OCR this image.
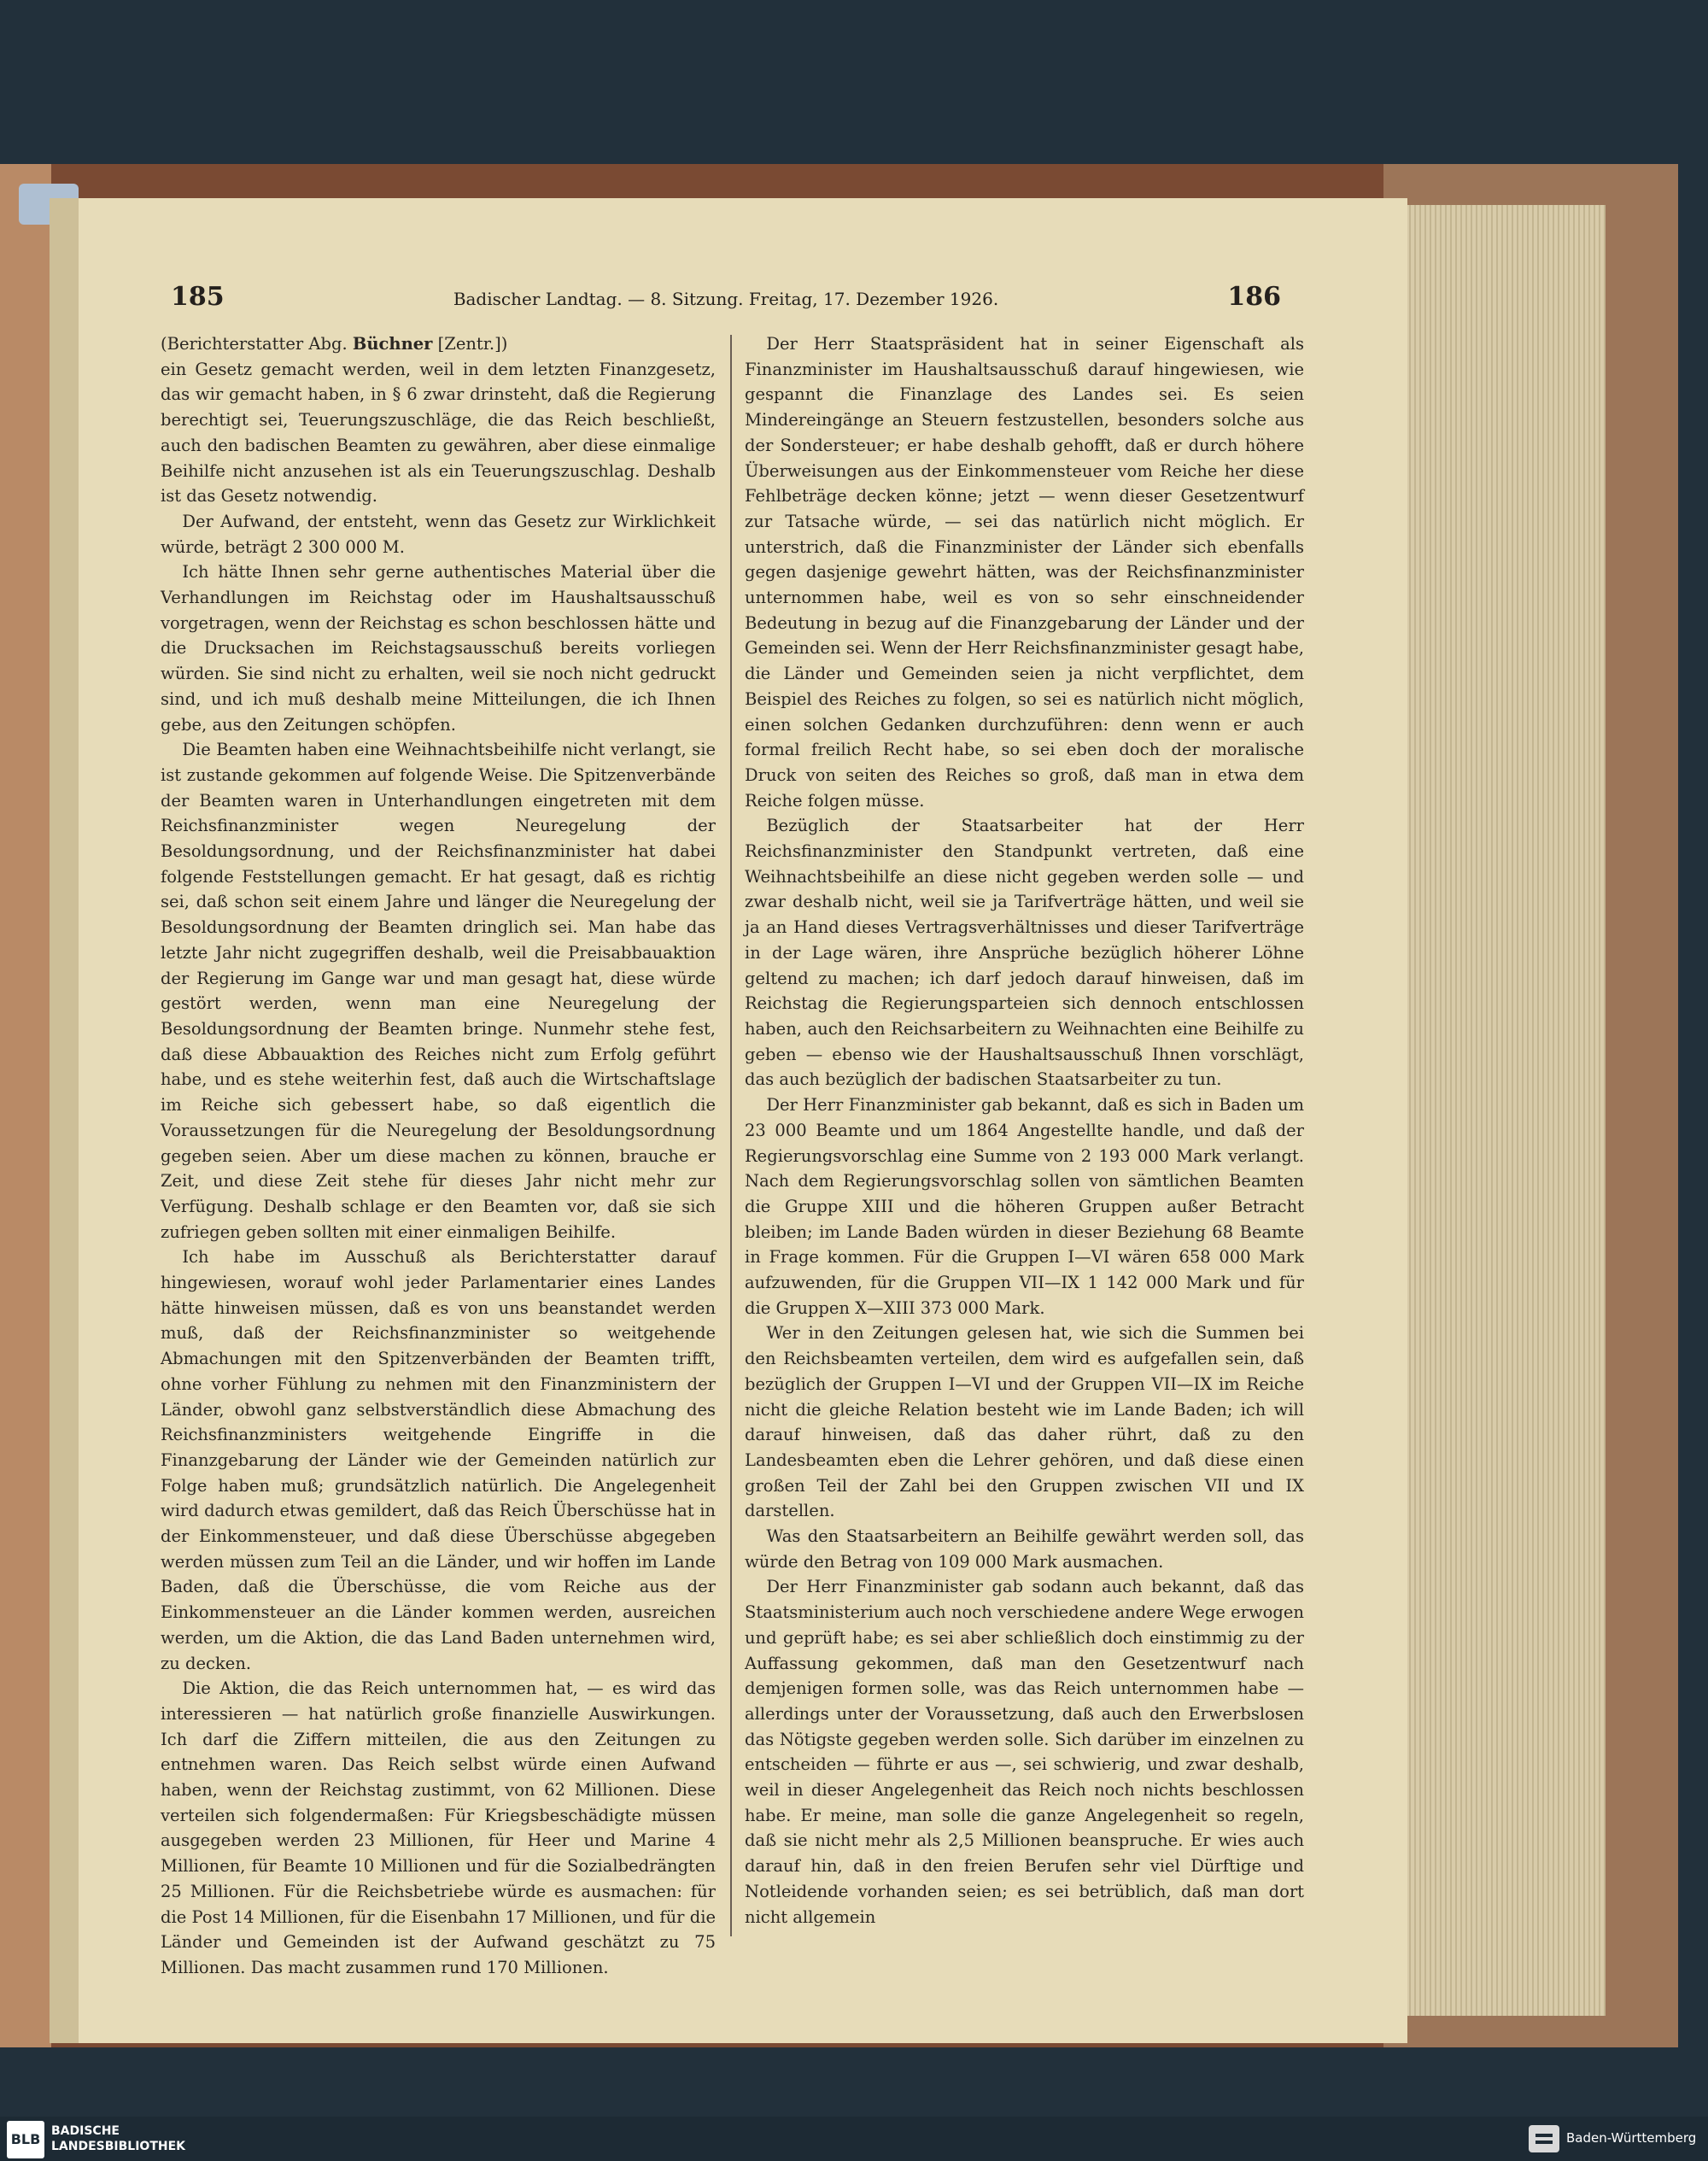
185	Badischer Landtag. — 8. Sitzung. Freitag, 17. Dezember 1926.	186

(Berichterstatter Abg. Büchner [Zentr.])

ein Gesetz gemacht werden, weil in dem letzten Finanzgesetz, das wir gemacht haben, in § 6 zwar drinsteht, daß die Regierung berechtigt sei, Teuerungszuschläge, die das Reich beschließt, auch den badischen Beamten zu gewähren, aber diese einmalige Beihilfe nicht anzusehen ist als ein Teuerungszuschlag. Deshalb ist das Gesetz notwendig.

Der Aufwand, der entsteht, wenn das Gesetz zur Wirklichkeit würde, beträgt 2 300 000 M.

Ich hätte Ihnen sehr gerne authentisches Material über die Verhandlungen im Reichstag oder im Haushaltsausschuß vorgetragen, wenn der Reichstag es schon beschlossen hätte und die Drucksachen im Reichstagsausschuß bereits vorliegen würden. Sie sind nicht zu erhalten, weil sie noch nicht gedruckt sind, und ich muß deshalb meine Mitteilungen, die ich Ihnen gebe, aus den Zeitungen schöpfen.

Die Beamten haben eine Weihnachtsbeihilfe nicht verlangt, sie ist zustande gekommen auf folgende Weise. Die Spitzenverbände der Beamten waren in Unterhandlungen eingetreten mit dem Reichsfinanzminister wegen Neuregelung der Besoldungsordnung, und der Reichsfinanzminister hat dabei folgende Feststellungen gemacht. Er hat gesagt, daß es richtig sei, daß schon seit einem Jahre und länger die Neuregelung der Besoldungsordnung der Beamten dringlich sei. Man habe das letzte Jahr nicht zugegriffen deshalb, weil die Preisabbauaktion der Regierung im Gange war und man gesagt hat, diese würde gestört werden, wenn man eine Neuregelung der Besoldungsordnung der Beamten bringe. Nunmehr stehe fest, daß diese Abbauaktion des Reiches nicht zum Erfolg geführt habe, und es stehe weiterhin fest, daß auch die Wirtschaftslage im Reiche sich gebessert habe, so daß eigentlich die Voraussetzungen für die Neuregelung der Besoldungsordnung gegeben seien. Aber um diese machen zu können, brauche er Zeit, und diese Zeit stehe für dieses Jahr nicht mehr zur Verfügung. Deshalb schlage er den Beamten vor, daß sie sich zufriegen geben sollten mit einer einmaligen Beihilfe.

Ich habe im Ausschuß als Berichterstatter darauf hingewiesen, worauf wohl jeder Parlamentarier eines Landes hätte hinweisen müssen, daß es von uns beanstandet werden muß, daß der Reichsfinanzminister so weitgehende Abmachungen mit den Spitzenverbänden der Beamten trifft, ohne vorher Fühlung zu nehmen mit den Finanzministern der Länder, obwohl ganz selbstverständlich diese Abmachung des Reichsfinanzministers weitgehende Eingriffe in die Finanzgebarung der Länder wie der Gemeinden natürlich zur Folge haben muß; grundsätzlich natürlich. Die Angelegenheit wird dadurch etwas gemildert, daß das Reich Überschüsse hat in der Einkommensteuer, und daß diese Überschüsse abgegeben werden müssen zum Teil an die Länder, und wir hoffen im Lande Baden, daß die Überschüsse, die vom Reiche aus der Einkommensteuer an die Länder kommen werden, ausreichen werden, um die Aktion, die das Land Baden unternehmen wird, zu decken.

Die Aktion, die das Reich unternommen hat, — es wird das interessieren — hat natürlich große finanzielle Auswirkungen. Ich darf die Ziffern mitteilen, die aus den Zeitungen zu entnehmen waren. Das Reich selbst würde einen Aufwand haben, wenn der Reichstag zustimmt, von 62 Millionen. Diese verteilen sich folgendermaßen: Für Kriegsbeschädigte müssen ausgegeben werden 23 Millionen, für Heer und Marine 4 Millionen, für Beamte 10 Millionen und für die Sozialbedrängten 25 Millionen. Für die Reichsbetriebe würde es ausmachen: für die Post 14 Millionen, für die Eisenbahn 17 Millionen, und für die Länder und Gemeinden ist der Aufwand geschätzt zu 75 Millionen. Das macht zusammen rund 170 Millionen.

Der Herr Staatspräsident hat in seiner Eigenschaft als Finanzminister im Haushaltsausschuß darauf hingewiesen, wie gespannt die Finanzlage des Landes sei. Es seien Mindereingänge an Steuern festzustellen, besonders solche aus der Sondersteuer; er habe deshalb gehofft, daß er durch höhere Überweisungen aus der Einkommensteuer vom Reiche her diese Fehlbeträge decken könne; jetzt — wenn dieser Gesetzentwurf zur Tatsache würde, — sei das natürlich nicht möglich. Er unterstrich, daß die Finanzminister der Länder sich ebenfalls gegen dasjenige gewehrt hätten, was der Reichsfinanzminister unternommen habe, weil es von so sehr einschneidender Bedeutung in bezug auf die Finanzgebarung der Länder und der Gemeinden sei. Wenn der Herr Reichsfinanzminister gesagt habe, die Länder und Gemeinden seien ja nicht verpflichtet, dem Beispiel des Reiches zu folgen, so sei es natürlich nicht möglich, einen solchen Gedanken durchzuführen: denn wenn er auch formal freilich Recht habe, so sei eben doch der moralische Druck von seiten des Reiches so groß, daß man in etwa dem Reiche folgen müsse.

Bezüglich der Staatsarbeiter hat der Herr Reichsfinanzminister den Standpunkt vertreten, daß eine Weihnachtsbeihilfe an diese nicht gegeben werden solle — und zwar deshalb nicht, weil sie ja Tarifverträge hätten, und weil sie ja an Hand dieses Vertragsverhältnisses und dieser Tarifverträge in der Lage wären, ihre Ansprüche bezüglich höherer Löhne geltend zu machen; ich darf jedoch darauf hinweisen, daß im Reichstag die Regierungsparteien sich dennoch entschlossen haben, auch den Reichsarbeitern zu Weihnachten eine Beihilfe zu geben — ebenso wie der Haushaltsausschuß Ihnen vorschlägt, das auch bezüglich der badischen Staatsarbeiter zu tun.

Der Herr Finanzminister gab bekannt, daß es sich in Baden um 23 000 Beamte und um 1864 Angestellte handle, und daß der Regierungsvorschlag eine Summe von 2 193 000 Mark verlangt. Nach dem Regierungsvorschlag sollen von sämtlichen Beamten die Gruppe XIII und die höheren Gruppen außer Betracht bleiben; im Lande Baden würden in dieser Beziehung 68 Beamte in Frage kommen. Für die Gruppen I—VI wären 658 000 Mark aufzuwenden, für die Gruppen VII—IX 1 142 000 Mark und für die Gruppen X—XIII 373 000 Mark.

Wer in den Zeitungen gelesen hat, wie sich die Summen bei den Reichsbeamten verteilen, dem wird es aufgefallen sein, daß bezüglich der Gruppen I—VI und der Gruppen VII—IX im Reiche nicht die gleiche Relation besteht wie im Lande Baden; ich will darauf hinweisen, daß das daher rührt, daß zu den Landesbeamten eben die Lehrer gehören, und daß diese einen großen Teil der Zahl bei den Gruppen zwischen VII und IX darstellen.

Was den Staatsarbeitern an Beihilfe gewährt werden soll, das würde den Betrag von 109 000 Mark ausmachen.

Der Herr Finanzminister gab sodann auch bekannt, daß das Staatsministerium auch noch verschiedene andere Wege erwogen und geprüft habe; es sei aber schließlich doch einstimmig zu der Auffassung gekommen, daß man den Gesetzentwurf nach demjenigen formen solle, was das Reich unternommen habe — allerdings unter der Voraussetzung, daß auch den Erwerbslosen das Nötigste gegeben werden solle. Sich darüber im einzelnen zu entscheiden — führte er aus —, sei schwierig, und zwar deshalb, weil in dieser Angelegenheit das Reich noch nichts beschlossen habe. Er meine, man solle die ganze Angelegenheit so regeln, daß sie nicht mehr als 2,5 Millionen beanspruche. Er wies auch darauf hin, daß in den freien Berufen sehr viel Dürftige und Notleidende vorhanden seien; es sei betrüblich, daß man dort nicht allgemein

BLB BADISCHE
LANDESBIBLIOTHEK
Baden-Württemberg
